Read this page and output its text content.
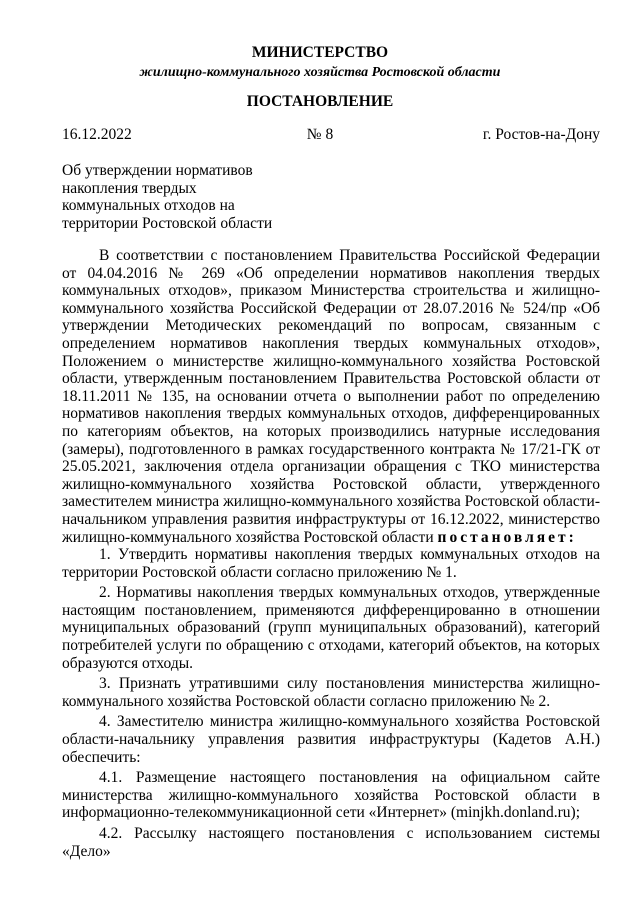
МИНИСТЕРСТВО
жилищно-коммунального хозяйства Ростовской области
ПОСТАНОВЛЕНИЕ
16.12.2022	№ 8	г. Ростов-на-Дону
Об утверждении нормативов
накопления твердых
коммунальных отходов на
территории Ростовской области

В соответствии с постановлением Правительства Российской Федерации от 04.04.2016 № 269 «Об определении нормативов накопления твердых коммунальных отходов», приказом Министерства строительства и жилищно-коммунального хозяйства Российской Федерации от 28.07.2016 № 524/пр «Об утверждении Методических рекомендаций по вопросам, связанным с определением нормативов накопления твердых коммунальных отходов», Положением о министерстве жилищно-коммунального хозяйства Ростовской области, утвержденным постановлением Правительства Ростовской области от 18.11.2011 № 135, на основании отчета о выполнении работ по определению нормативов накопления твердых коммунальных отходов, дифференцированных по категориям объектов, на которых производились натурные исследования (замеры), подготовленного в рамках государственного контракта № 17/21-ГК от 25.05.2021, заключения отдела организации обращения с ТКО министерства жилищно-коммунального хозяйства Ростовской области, утвержденного заместителем министра жилищно-коммунального хозяйства Ростовской области-начальником управления развития инфраструктуры от 16.12.2022, министерство жилищно-коммунального хозяйства Ростовской области постановляет:

1. Утвердить нормативы накопления твердых коммунальных отходов на территории Ростовской области согласно приложению № 1.

2. Нормативы накопления твердых коммунальных отходов, утвержденные настоящим постановлением, применяются дифференцированно в отношении муниципальных образований (групп муниципальных образований), категорий потребителей услуги по обращению с отходами, категорий объектов, на которых образуются отходы.

3. Признать утратившими силу постановления министерства жилищно-коммунального хозяйства Ростовской области согласно приложению № 2.

4. Заместителю министра жилищно-коммунального хозяйства Ростовской области-начальнику управления развития инфраструктуры (Кадетов А.Н.) обеспечить:

4.1. Размещение настоящего постановления на официальном сайте министерства жилищно-коммунального хозяйства Ростовской области в информационно-телекоммуникационной сети «Интернет» (minjkh.donland.ru);

4.2. Рассылку настоящего постановления с использованием системы «Дело»
